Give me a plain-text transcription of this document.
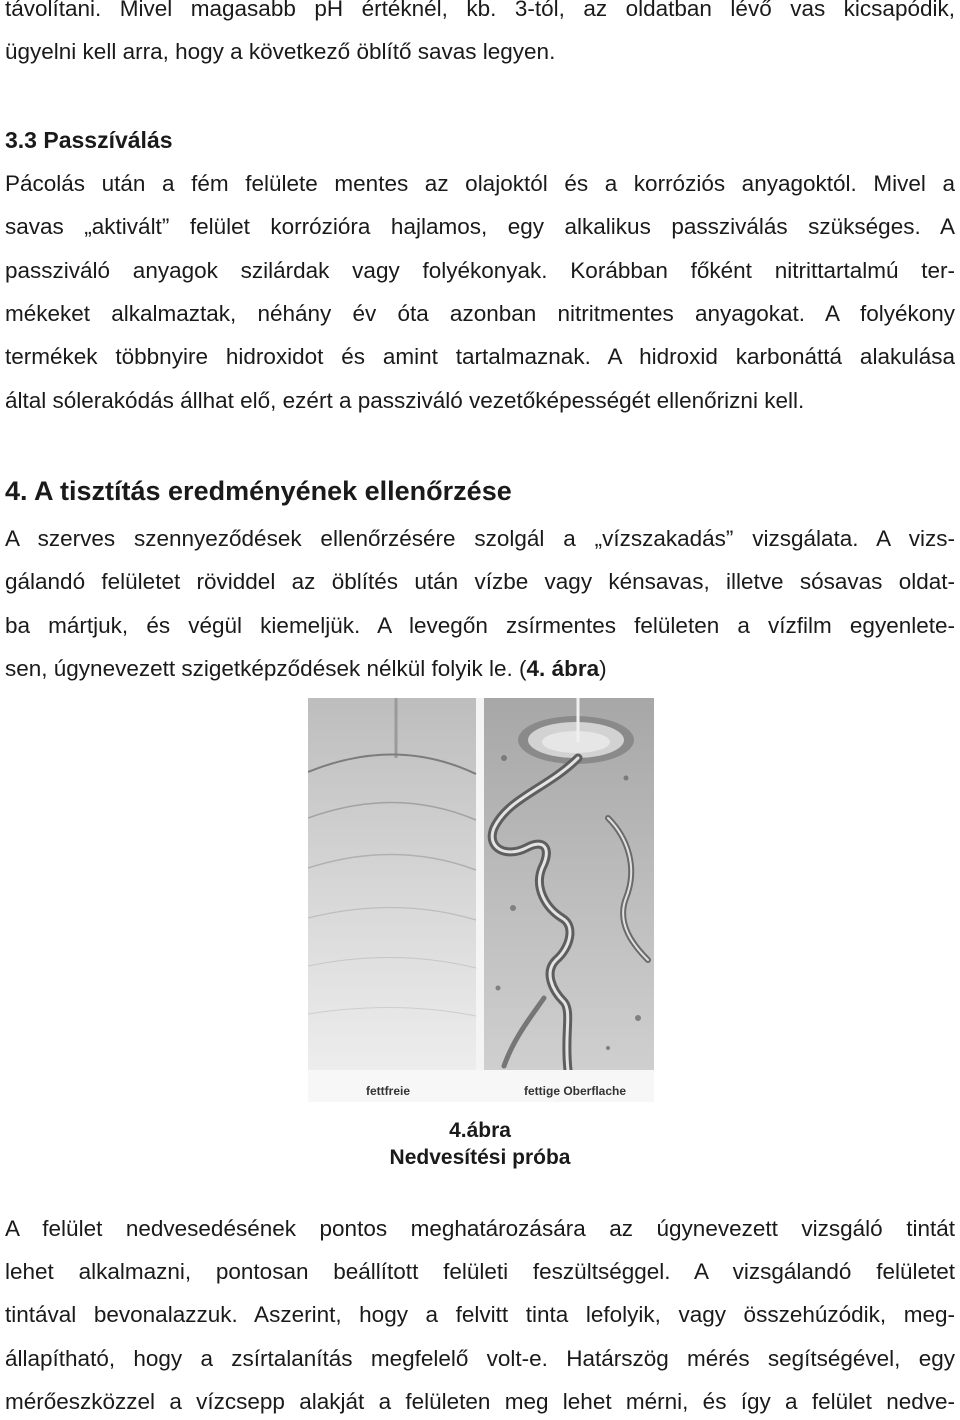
távolítani. Mivel magasabb pH értéknél, kb. 3-tól, az oldatban lévő vas kicsapódik,
ügyelni kell arra, hogy a következő öblítő savas legyen.
3.3 Passzíválás
Pácolás után a fém felülete mentes az olajoktól és a korróziós anyagoktól. Mivel a
savas „aktivált” felület korrózióra hajlamos, egy alkalikus passziválás szükséges. A
passziváló anyagok szilárdak vagy folyékonyak. Korábban főként nitrittartalmú ter-
mékeket alkalmaztak, néhány év óta azonban nitritmentes anyagokat. A folyékony
termékek többnyire hidroxidot és amint tartalmaznak. A hidroxid karbonáttá alakulása
által sólerakódás állhat elő, ezért a passziváló vezetőképességét ellenőrizni kell.
4. A tisztítás eredményének ellenőrzése
A szerves szennyeződések ellenőrzésére szolgál a „vízszakadás” vizsgálata. A vizs-
gálandó felületet röviddel az öblítés után vízbe vagy kénsavas, illetve sósavas oldat-
ba mártjuk, és végül kiemeljük. A levegőn zsírmentes felületen a vízfilm egyenlete-
sen, úgynevezett szigetképződések nélkül folyik le. (4. ábra)
fettfreie	fettige Oberflache
4.ábra
Nedvesítési próba
A felület nedvesedésének pontos meghatározására az úgynevezett vizsgáló tintát
lehet alkalmazni, pontosan beállított felületi feszültséggel. A vizsgálandó felületet
tintával bevonalazzuk. Aszerint, hogy a felvitt tinta lefolyik, vagy összehúzódik, meg-
állapítható, hogy a zsírtalanítás megfelelő volt-e. Határszög mérés segítségével, egy
mérőeszközzel a vízcsepp alakját a felületen meg lehet mérni, és így a felület nedve-
